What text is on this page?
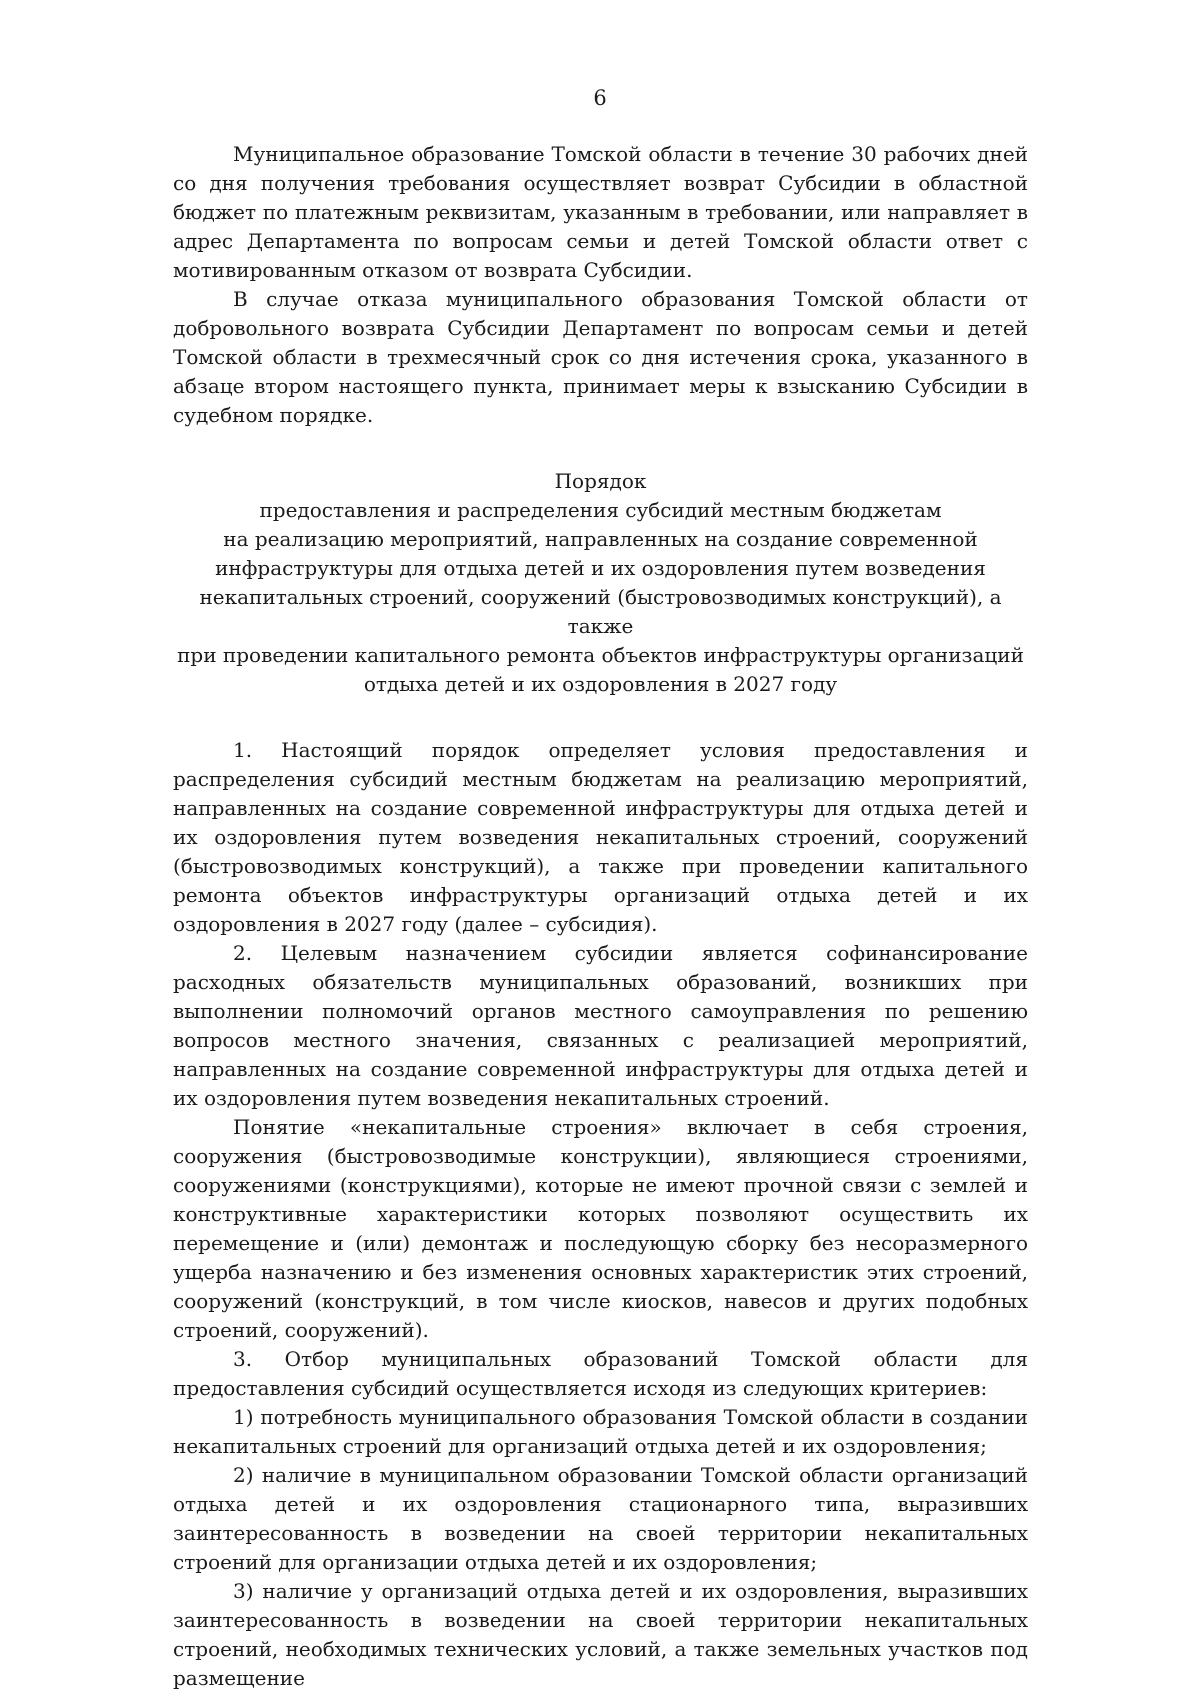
6

Муниципальное образование Томской области в течение 30 рабочих дней со дня получения требования осуществляет возврат Субсидии в областной бюджет по платежным реквизитам, указанным в требовании, или направляет в адрес Департамента по вопросам семьи и детей Томской области ответ с мотивированным отказом от возврата Субсидии.

В случае отказа муниципального образования Томской области от добровольного возврата Субсидии Департамент по вопросам семьи и детей Томской области в трехмесячный срок со дня истечения срока, указанного в абзаце втором настоящего пункта, принимает меры к взысканию Субсидии в судебном порядке.

Порядок
предоставления и распределения субсидий местным бюджетам
на реализацию мероприятий, направленных на создание современной
инфраструктуры для отдыха детей и их оздоровления путем возведения
некапитальных строений, сооружений (быстровозводимых конструкций), а также
при проведении капитального ремонта объектов инфраструктуры организаций
отдыха детей и их оздоровления в 2027 году

1. Настоящий порядок определяет условия предоставления и распределения субсидий местным бюджетам на реализацию мероприятий, направленных на создание современной инфраструктуры для отдыха детей и их оздоровления путем возведения некапитальных строений, сооружений (быстровозводимых конструкций), а также при проведении капитального ремонта объектов инфраструктуры организаций отдыха детей и их оздоровления в 2027 году (далее – субсидия).

2. Целевым назначением субсидии является софинансирование расходных обязательств муниципальных образований, возникших при выполнении полномочий органов местного самоуправления по решению вопросов местного значения, связанных с реализацией мероприятий, направленных на создание современной инфраструктуры для отдыха детей и их оздоровления путем возведения некапитальных строений.

Понятие «некапитальные строения» включает в себя строения, сооружения (быстровозводимые конструкции), являющиеся строениями, сооружениями (конструкциями), которые не имеют прочной связи с землей и конструктивные характеристики которых позволяют осуществить их перемещение и (или) демонтаж и последующую сборку без несоразмерного ущерба назначению и без изменения основных характеристик этих строений, сооружений (конструкций, в том числе киосков, навесов и других подобных строений, сооружений).

3. Отбор муниципальных образований Томской области для предоставления субсидий осуществляется исходя из следующих критериев:

1) потребность муниципального образования Томской области в создании некапитальных строений для организаций отдыха детей и их оздоровления;

2) наличие в муниципальном образовании Томской области организаций отдыха детей и их оздоровления стационарного типа, выразивших заинтересованность в возведении на своей территории некапитальных строений для организации отдыха детей и их оздоровления;

3) наличие у организаций отдыха детей и их оздоровления, выразивших заинтересованность в возведении на своей территории некапитальных строений, необходимых технических условий, а также земельных участков под размещение
